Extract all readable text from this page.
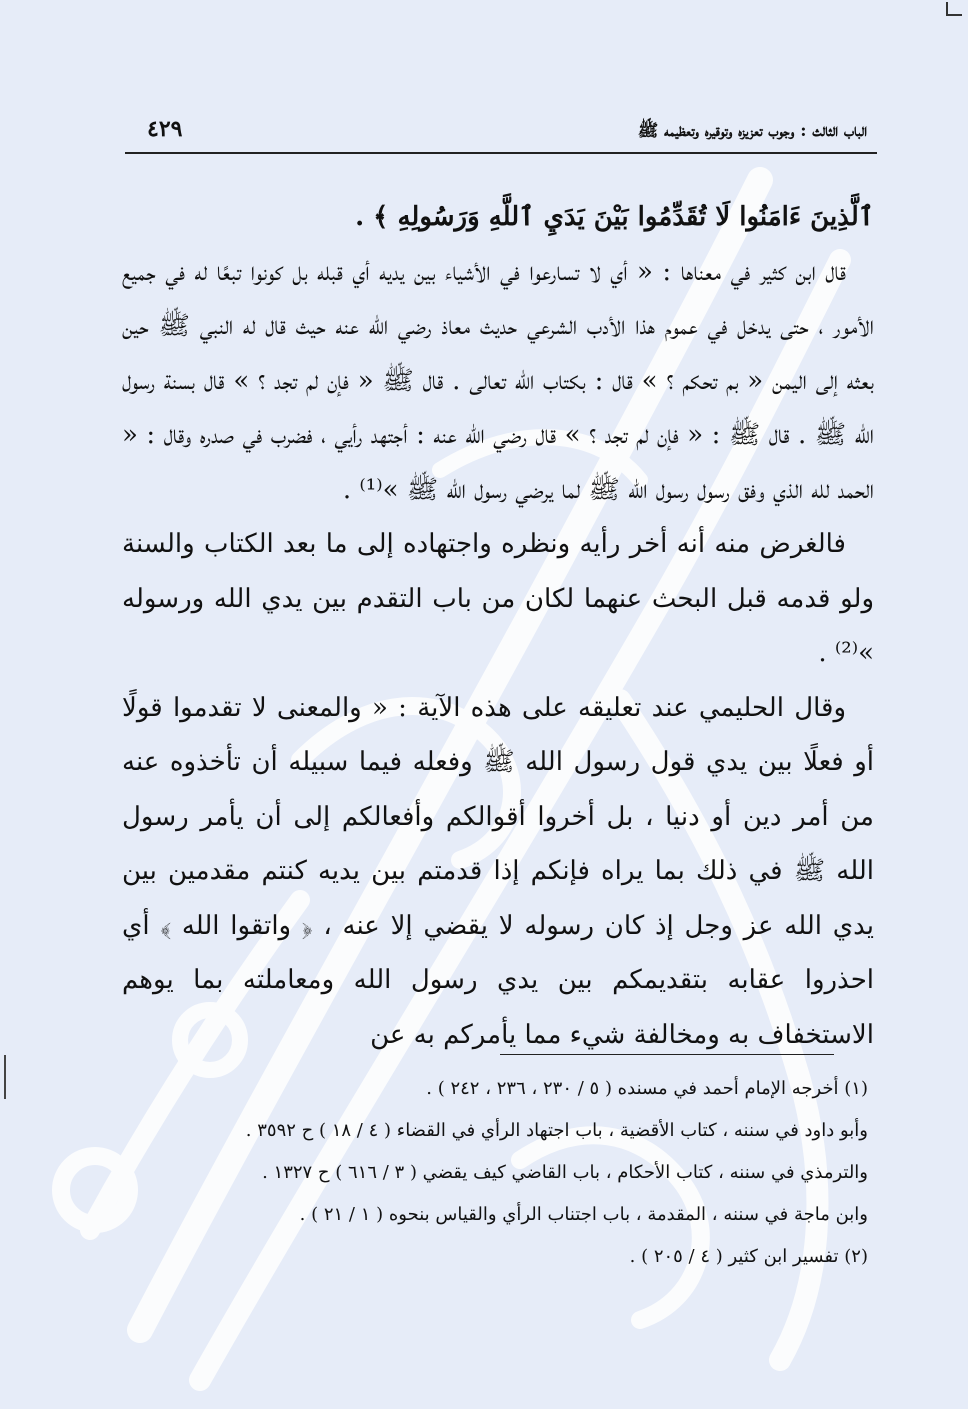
الباب الثالث : وجوب تعزيزه وتوقيره وتعظيمه ﷺ
٤٢٩

ٱلَّذِينَ ءَامَنُوا لَا تُقَدِّمُوا بَيْنَ يَدَيِ ٱللَّهِ وَرَسُولِهِ ﴾ .

قال ابن كثير في معناها : « أي لا تسارعوا في الأشياء بين يديه أي قبله بل كونوا تبعًا له في جميع الأمور ، حتى يدخل في عموم هذا الأدب الشرعي حديث معاذ رضي الله عنه حيث قال له النبي ﷺ حين بعثه إلى اليمن « بم تحكم ؟ » قال : بكتاب الله تعالى . قال ﷺ « فإن لم تجد ؟ » قال بسنة رسول الله ﷺ . قال ﷺ : « فإن لم تجد ؟ » قال رضي الله عنه : أجتهد رأيي ، فضرب في صدره وقال : « الحمد لله الذي وفق رسول رسول الله ﷺ لما يرضي رسول الله ﷺ »⁽¹⁾ .

فالغرض منه أنه أخر رأيه ونظره واجتهاده إلى ما بعد الكتاب والسنة ولو قدمه قبل البحث عنهما لكان من باب التقدم بين يدي الله ورسوله »⁽²⁾ .

وقال الحليمي عند تعليقه على هذه الآية : « والمعنى لا تقدموا قولًا أو فعلًا بين يدي قول رسول الله ﷺ وفعله فيما سبيله أن تأخذوه عنه من أمر دين أو دنيا ، بل أخروا أقوالكم وأفعالكم إلى أن يأمر رسول الله ﷺ في ذلك بما يراه فإنكم إذا قدمتم بين يديه كنتم مقدمين بين يدي الله عز وجل إذ كان رسوله لا يقضي إلا عنه ، ﴿ واتقوا الله ﴾ أي احذروا عقابه بتقديمكم بين يدي رسول الله ومعاملته بما يوهم الاستخفاف به ومخالفة شيء مما يأمركم به عن

(١) أخرجه الإمام أحمد في مسنده ( ٥ / ٢٣٠ ، ٢٣٦ ، ٢٤٢ ) .

وأبو داود في سننه ، كتاب الأقضية ، باب اجتهاد الرأي في القضاء ( ٤ / ١٨ ) ح ٣٥٩٢ .

والترمذي في سننه ، كتاب الأحكام ، باب القاضي كيف يقضي ( ٣ / ٦١٦ ) ح ١٣٢٧ .

وابن ماجة في سننه ، المقدمة ، باب اجتناب الرأي والقياس بنحوه ( ١ / ٢١ ) .

(٢) تفسير ابن كثير ( ٤ / ٢٠٥ ) .
